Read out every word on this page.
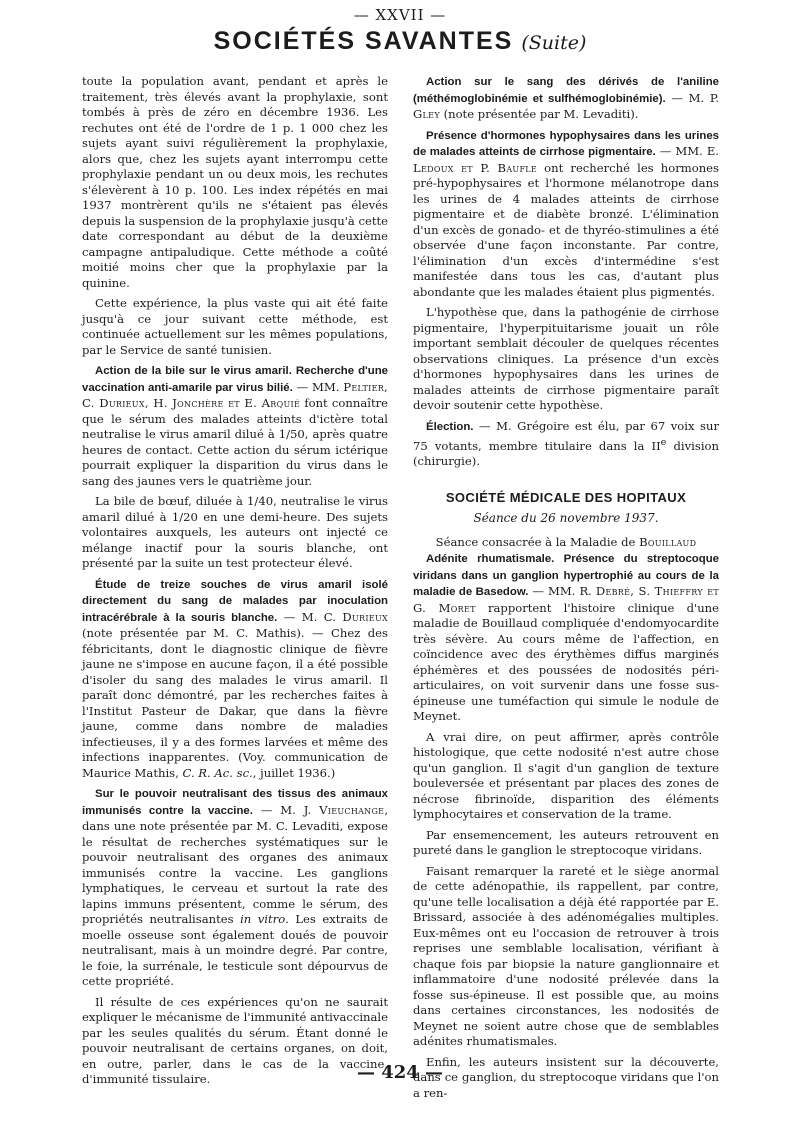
— XXVII —
SOCIÉTÉS SAVANTES (Suite)

toute la population avant, pendant et après le traitement, très élevés avant la prophylaxie, sont tombés à près de zéro en décembre 1936. Les rechutes ont été de l'ordre de 1 p. 1 000 chez les sujets ayant suivi régulièrement la prophylaxie, alors que, chez les sujets ayant interrompu cette prophylaxie pendant un ou deux mois, les rechutes s'élevèrent à 10 p. 100. Les index répétés en mai 1937 montrèrent qu'ils ne s'étaient pas élevés depuis la suspension de la prophylaxie jusqu'à cette date correspondant au début de la deuxième campagne antipaludique. Cette méthode a coûté moitié moins cher que la prophylaxie par la quinine.

Cette expérience, la plus vaste qui ait été faite jusqu'à ce jour suivant cette méthode, est continuée actuellement sur les mêmes populations, par le Service de santé tunisien.

Action de la bile sur le virus amaril. Recherche d'une vaccination anti-amarile par virus bilié. — MM. Peltier, C. Durieux, H. Jonchère et E. Arquié font connaître que le sérum des malades atteints d'ictère total neutralise le virus amaril dilué à 1/50, après quatre heures de contact. Cette action du sérum ictérique pourrait expliquer la disparition du virus dans le sang des jaunes vers le quatrième jour.

La bile de bœuf, diluée à 1/40, neutralise le virus amaril dilué à 1/20 en une demi-heure. Des sujets volontaires auxquels, les auteurs ont injecté ce mélange inactif pour la souris blanche, ont présenté par la suite un test protecteur élevé.

Étude de treize souches de virus amaril isolé directement du sang de malades par inoculation intracérébrale à la souris blanche. — M. C. Durieux (note présentée par M. C. Mathis). — Chez des fébricitants, dont le diagnostic clinique de fièvre jaune ne s'impose en aucune façon, il a été possible d'isoler du sang des malades le virus amaril. Il paraît donc démontré, par les recherches faites à l'Institut Pasteur de Dakar, que dans la fièvre jaune, comme dans nombre de maladies infectieuses, il y a des formes larvées et même des infections inapparentes. (Voy. communication de Maurice Mathis, C. R. Ac. sc., juillet 1936.)

Sur le pouvoir neutralisant des tissus des animaux immunisés contre la vaccine. — M. J. Vieuchange, dans une note présentée par M. C. Levaditi, expose le résultat de recherches systématiques sur le pouvoir neutralisant des organes des animaux immunisés contre la vaccine. Les ganglions lymphatiques, le cerveau et surtout la rate des lapins immuns présentent, comme le sérum, des propriétés neutralisantes in vitro. Les extraits de moelle osseuse sont également doués de pouvoir neutralisant, mais à un moindre degré. Par contre, le foie, la surrénale, le testicule sont dépourvus de cette propriété.

Il résulte de ces expériences qu'on ne saurait expliquer le mécanisme de l'immunité antivaccinale par les seules qualités du sérum. Étant donné le pouvoir neutralisant de certains organes, on doit, en outre, parler, dans le cas de la vaccine, d'immunité tissulaire.

Action sur le sang des dérivés de l'aniline (méthémoglobinémie et sulfhémoglobinémie). — M. P. Gley (note présentée par M. Levaditi).

Présence d'hormones hypophysaires dans les urines de malades atteints de cirrhose pigmentaire. — MM. E. Ledoux et P. Baufle ont recherché les hormones pré-hypophysaires et l'hormone mélanotrope dans les urines de 4 malades atteints de cirrhose pigmentaire et de diabète bronzé. L'élimination d'un excès de gonado- et de thyréo-stimulines a été observée d'une façon inconstante. Par contre, l'élimination d'un excès d'intermédine s'est manifestée dans tous les cas, d'autant plus abondante que les malades étaient plus pigmentés.

L'hypothèse que, dans la pathogénie de cirrhose pigmentaire, l'hyperpituitarisme jouait un rôle important semblait découler de quelques récentes observations cliniques. La présence d'un excès d'hormones hypophysaires dans les urines de malades atteints de cirrhose pigmentaire paraît devoir soutenir cette hypothèse.

Élection. — M. Grégoire est élu, par 67 voix sur 75 votants, membre titulaire dans la IIe division (chirurgie).

SOCIÉTÉ MÉDICALE DES HOPITAUX
Séance du 26 novembre 1937.
Séance consacrée à la Maladie de Bouillaud

Adénite rhumatismale. Présence du streptocoque viridans dans un ganglion hypertrophié au cours de la maladie de Basedow. — MM. R. Debré, S. Thieffry et G. Moret rapportent l'histoire clinique d'une maladie de Bouillaud compliquée d'endomyocardite très sévère. Au cours même de l'affection, en coïncidence avec des érythèmes diffus marginés éphémères et des poussées de nodosités péri-articulaires, on voit survenir dans une fosse sus-épineuse une tuméfaction qui simule le nodule de Meynet.

A vrai dire, on peut affirmer, après contrôle histologique, que cette nodosité n'est autre chose qu'un ganglion. Il s'agit d'un ganglion de texture bouleversée et présentant par places des zones de nécrose fibrinoïde, disparition des éléments lymphocytaires et conservation de la trame.

Par ensemencement, les auteurs retrouvent en pureté dans le ganglion le streptocoque viridans.

Faisant remarquer la rareté et le siège anormal de cette adénopathie, ils rappellent, par contre, qu'une telle localisation a déjà été rapportée par E. Brissard, associée à des adénomégalies multiples. Eux-mêmes ont eu l'occasion de retrouver à trois reprises une semblable localisation, vérifiant à chaque fois par biopsie la nature ganglionnaire et inflammatoire d'une nodosité prélevée dans la fosse sus-épineuse. Il est possible que, au moins dans certaines circonstances, les nodosités de Meynet ne soient autre chose que de semblables adénites rhumatismales.

Enfin, les auteurs insistent sur la découverte, dans ce ganglion, du streptocoque viridans que l'on a ren-

— 424 —
